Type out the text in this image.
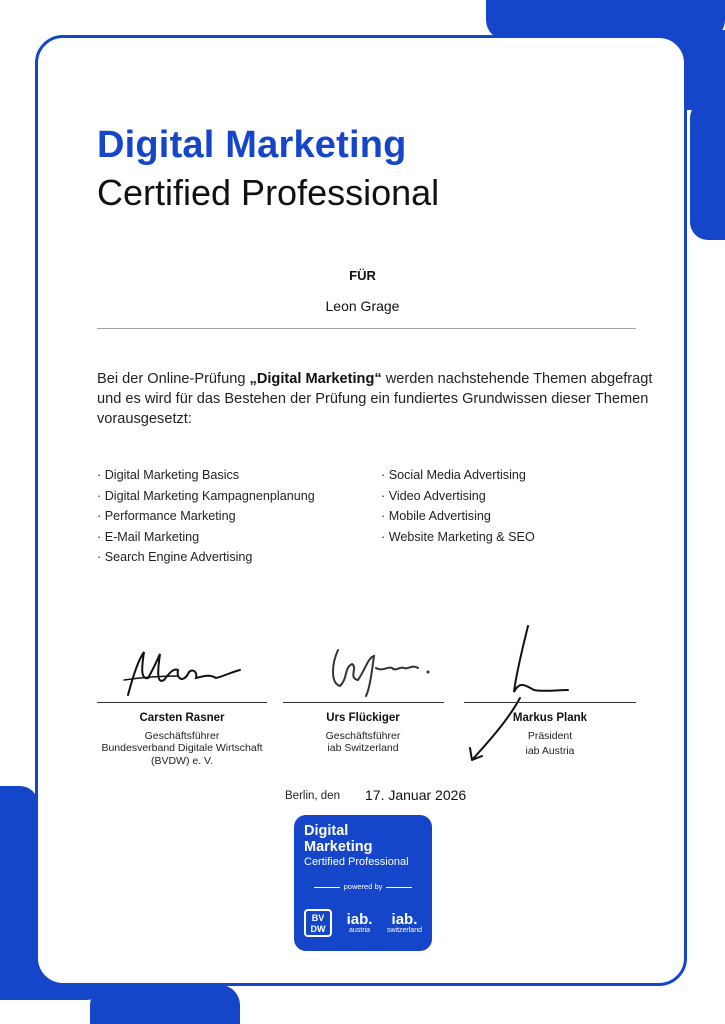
Digital Marketing
Certified Professional
FÜR
Leon Grage
Bei der Online-Prüfung „Digital Marketing“ werden nachstehende Themen abgefragt und es wird für das Bestehen der Prüfung ein fundiertes Grundwissen dieser Themen vorausgesetzt:
· Digital Marketing Basics
· Digital Marketing Kampagnenplanung
· Performance Marketing
· E-Mail Marketing
· Search Engine Advertising
· Social Media Advertising
· Video Advertising
· Mobile Advertising
· Website Marketing & SEO
Carsten Rasner
Geschäftsführer
Bundesverband Digitale Wirtschaft (BVDW) e. V.
Urs Flückiger
Geschäftsführer
iab Switzerland
Markus Plank
Präsident
iab Austria
Berlin, den 17. Januar 2026
Digital
Marketing
Certified Professional
powered by
BV DW
iab.
austria
iab.
switzerland
